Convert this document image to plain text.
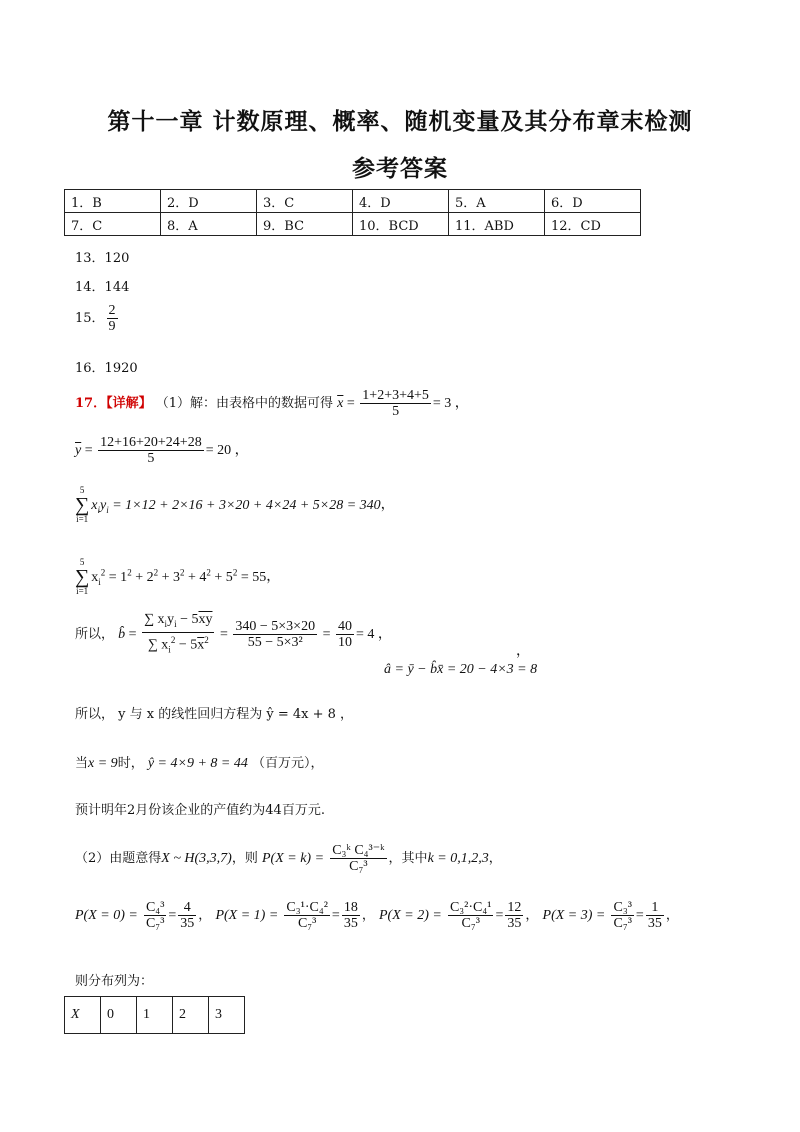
第十一章 计数原理、概率、随机变量及其分布章末检测
参考答案
1．B	2．D	3．C	4．D	5．A	6．D
7．C	8．A	9．BC	10．BCD	11．ABD	12．CD
13．120
14．144
15． $\frac{2}{9}$
16．1920
17．【详解】 （1）解：由表格中的数据可得 $\overline{x} = \frac{1+2+3+4+5}{5} = 3$ ，
$\overline{y} = \frac{12+16+20+24+28}{5} = 20$ ，
5
∑
$i=1x_iy_i = 1\times 12 + 2\times 16 + 3\times 20 + 4\times 24 + 5\times 28 = 340$，
5
∑
$i=1x_i^2 = 1^2 + 2^2 + 3^2 + 4^2 + 5^2 = 55$，
所以， b̂ = $\frac{\sum x_iy_i - 5\overline{xy}}{\sum x_i^2 - 5\overline{x}^2} = \frac{340 - 5\times 3\times 20}{\text{55 − 5×3²}} = \frac{40}{10} = 4$ ，
â = ȳ − b̂x̄ = 20 − 4×3 = 8
，
所以， y 与 x 的线性回归方程为 ŷ = 4x + 8 ，
当x = 9时， ŷ = 4×9 + 8 = 44 （百万元），
预计明年2月份该企业的产值约为44百万元.
（2）由题意得X ~ H(3,3,7)，则 $P(X = k) = \frac{\text{C₃ᵏ C₄³⁻ᵏ}}{\text{C₇³}}$ ，其中k = 0,1,2,3，
$P(X = 0) = \frac{\text{C₄³}}{\text{C₇³}} = \frac{4}{35}$ ， $P(X = 1) = \frac{\text{C₃¹·C₄²}}{\text{C₇³}} = \frac{18}{35}$ ， $P(X = 2) = \frac{\text{C₃²·C₄¹}}{\text{C₇³}} = \frac{12}{35}$ ， $P(X = 3) = \frac{\text{C₃³}}{\text{C₇³}} = \frac{1}{35}$ ，
则分布列为：
X	0	1	2	3
